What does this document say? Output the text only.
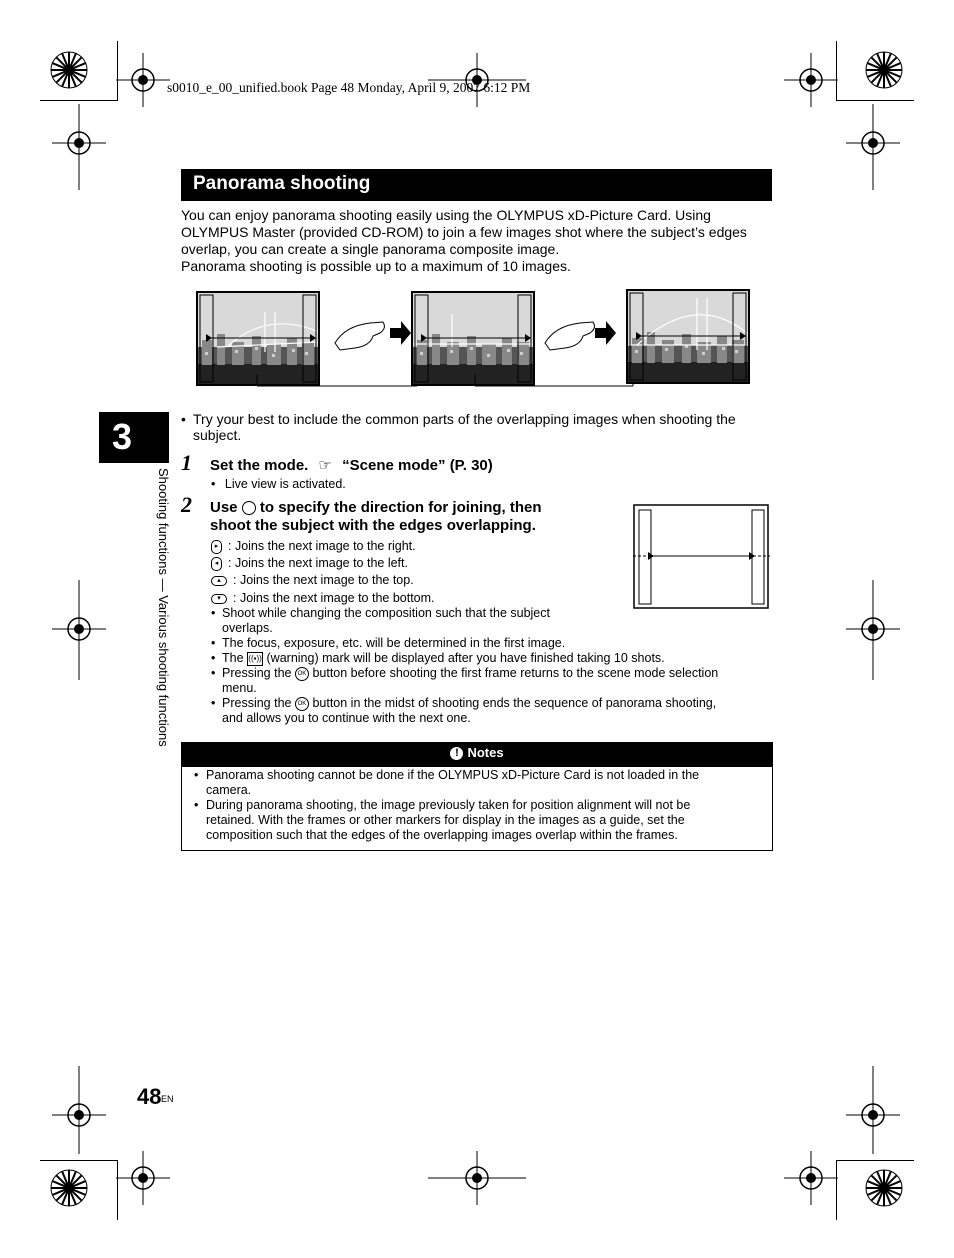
s0010_e_00_unified.book Page 48 Monday, April 9, 2007 6:12 PM
Panorama shooting

You can enjoy panorama shooting easily using the OLYMPUS xD-Picture Card. Using

OLYMPUS Master (provided CD-ROM) to join a few images shot where the subject’s edges

overlap, you can create a single panorama composite image.

Panorama shooting is possible up to a maximum of 10 images.

3
Shooting functions — Various shooting functions
• Try your best to include the common parts of the overlapping images when shooting the
subject.
1 Set the mode. ☞ “Scene mode” (P. 30)
• Live view is activated.
2 Use to specify the direction for joining, then
shoot the subject with the edges overlapping.
▸ : Joins the next image to the right.
◂ : Joins the next image to the left.
▴ : Joins the next image to the top.
▾ : Joins the next image to the bottom.
• Shoot while changing the composition such that the subject
overlaps.
• The focus, exposure, etc. will be determined in the first image.
• The ((▪)) (warning) mark will be displayed after you have finished taking 10 shots.
• Pressing the OK button before shooting the first frame returns to the scene mode selection
menu.
• Pressing the OK button in the midst of shooting ends the sequence of panorama shooting,
and allows you to continue with the next one.
! Notes
• Panorama shooting cannot be done if the OLYMPUS xD-Picture Card is not loaded in the
camera.
• During panorama shooting, the image previously taken for position alignment will not be
retained. With the frames or other markers for display in the images as a guide, set the
composition such that the edges of the overlapping images overlap within the frames.
48 EN
